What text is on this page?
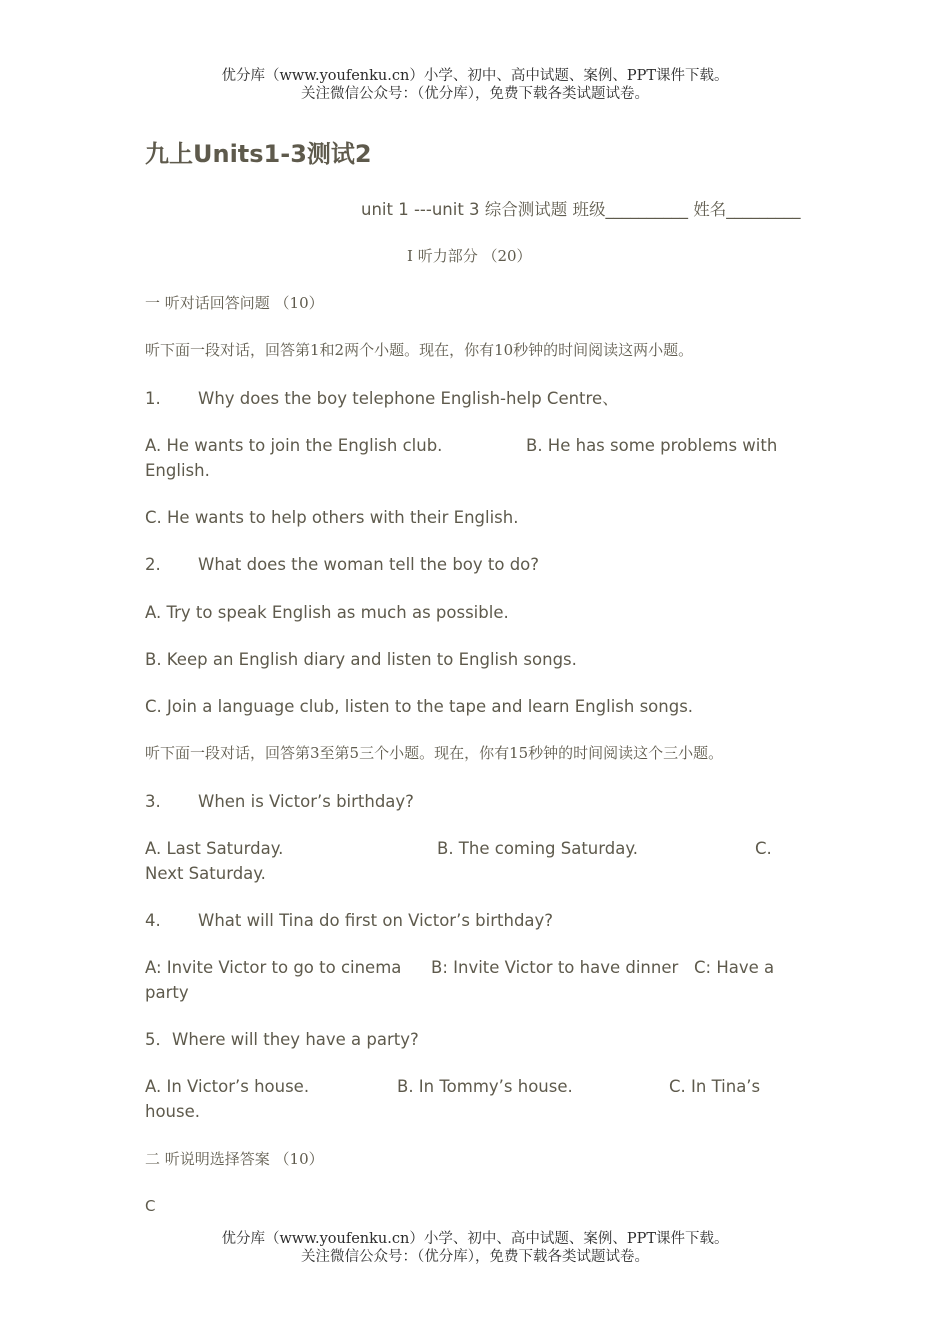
优分库（www.youfenku.cn）小学、初中、高中试题、案例、PPT课件下载。
关注微信公众号：（优分库），免费下载各类试题试卷。
九上Units1-3测试2
unit 1 ---unit 3 综合测试题 班级__________ 姓名_________
Ⅰ 听力部分 （20）
一 听对话回答问题 （10）
听下面一段对话，回答第1和2两个小题。现在，你有10秒钟的时间阅读这两小题。
1. Why does the boy telephone English-help Centre、
A. He wants to join the English club.	B. He has some problems with
English.
C. He wants to help others with their English.
2. What does the woman tell the boy to do?
A. Try to speak English as much as possible.
B. Keep an English diary and listen to English songs.
C. Join a language club, listen to the tape and learn English songs.
听下面一段对话，回答第3至第5三个小题。现在，你有15秒钟的时间阅读这个三小题。
3. When is Victor’s birthday?
A. Last Saturday.	B. The coming Saturday.	C.
Next Saturday.
4. What will Tina do first on Victor’s birthday?
A: Invite Victor to go to cinema B: Invite Victor to have dinner C: Have a
party
5．Where will they have a party?
A. In Victor’s house.	B. In Tommy’s house.	C. In Tina’s
house.
二 听说明选择答案 （10）
C
优分库（www.youfenku.cn）小学、初中、高中试题、案例、PPT课件下载。
关注微信公众号：（优分库），免费下载各类试题试卷。
